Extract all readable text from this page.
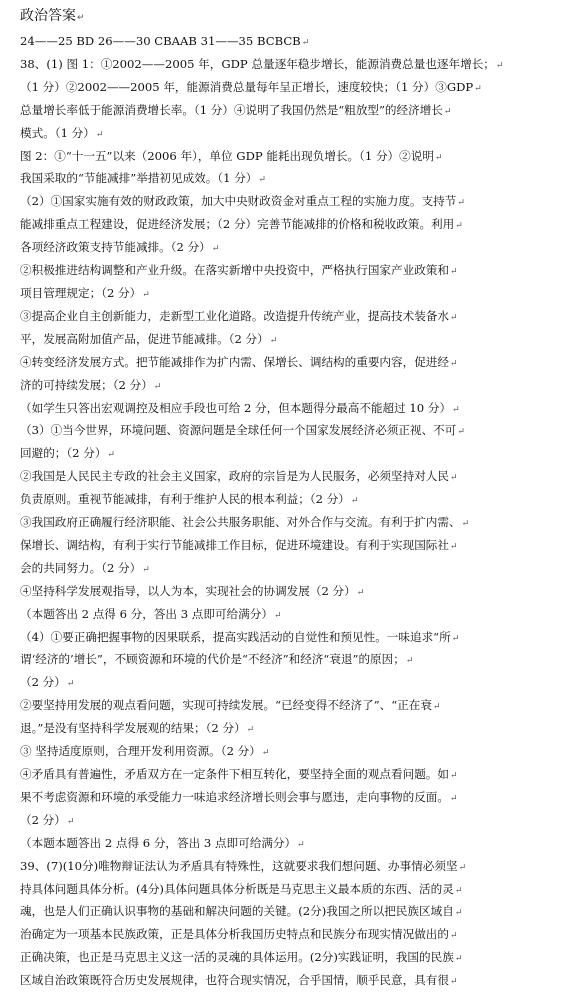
政治答案↵
24——25 BD 26——30 CBAAB 31——35 BCBCB↵
38、(1) 图 1：①2002——2005 年，GDP 总量逐年稳步增长，能源消费总量也逐年增长；↵
（1 分）②2002——2005 年，能源消费总量每年呈正增长，速度较快；（1 分）③GDP↵
总量增长率低于能源消费增长率。（1 分）④说明了我国仍然是“粗放型”的经济增长↵
模式。（1 分）↵
图 2：①“十一五”以来（2006 年），单位 GDP 能耗出现负增长。（1 分）②说明↵
我国采取的“节能减排”举措初见成效。（1 分）↵
（2）①国家实施有效的财政政策，加大中央财政资金对重点工程的实施力度。支持节↵
能减排重点工程建设，促进经济发展；（2 分）完善节能减排的价格和税收政策。利用↵
各项经济政策支持节能减排。（2 分）↵
②积极推进结构调整和产业升级。在落实新增中央投资中，严格执行国家产业政策和↵
项目管理规定；（2 分）↵
③提高企业自主创新能力，走新型工业化道路。改造提升传统产业，提高技术装备水↵
平，发展高附加值产品，促进节能减排。（2 分）↵
④转变经济发展方式。把节能减排作为扩内需、保增长、调结构的重要内容，促进经↵
济的可持续发展；（2 分）↵
（如学生只答出宏观调控及相应手段也可给 2 分，但本题得分最高不能超过 10 分）↵
（3）①当今世界，环境问题、资源问题是全球任何一个国家发展经济必须正视、不可↵
回避的；（2 分）↵
②我国是人民民主专政的社会主义国家，政府的宗旨是为人民服务，必须坚持对人民↵
负责原则。重视节能减排，有利于维护人民的根本利益；（2 分）↵
③我国政府正确履行经济职能、社会公共服务职能、对外合作与交流。有利于扩内需、↵
保增长、调结构，有利于实行节能减排工作目标，促进环境建设。有利于实现国际社↵
会的共同努力。（2 分）↵
④坚持科学发展观指导，以人为本，实现社会的协调发展（2 分）↵
（本题答出 2 点得 6 分，答出 3 点即可给满分）↵
（4）①要正确把握事物的因果联系，提高实践活动的自觉性和预见性。一味追求“所↵
谓‘经济的’增长”，不顾资源和环境的代价是“不经济”和经济“衰退”的原因；↵
（2 分）↵
②要坚持用发展的观点看问题，实现可持续发展。“已经变得不经济了”、“正在衰↵
退。”是没有坚持科学发展观的结果；（2 分）↵
③ 坚持适度原则，合理开发利用资源。（2 分）↵
④矛盾具有普遍性，矛盾双方在一定条件下相互转化，要坚持全面的观点看问题。如↵
果不考虑资源和环境的承受能力一味追求经济增长则会事与愿违，走向事物的反面。↵
（2 分）↵
（本题本题答出 2 点得 6 分，答出 3 点即可给满分）↵
39、(7)(10分)唯物辩证法认为矛盾具有特殊性，这就要求我们想问题、办事情必须坚↵
持具体问题具体分析。(4分)具体问题具体分析既是马克思主义最本质的东西、活的灵↵
魂，也是人们正确认识事物的基础和解决问题的关键。(2分)我国之所以把民族区域自↵
治确定为一项基本民族政策，正是具体分析我国历史特点和民族分布现实情况做出的↵
正确决策，也正是马克思主义这一活的灵魂的具体运用。(2分)实践证明，我国的民族↵
区域自治政策既符合历史发展规律，也符合现实情况，合乎国情，顺乎民意，具有很↵
